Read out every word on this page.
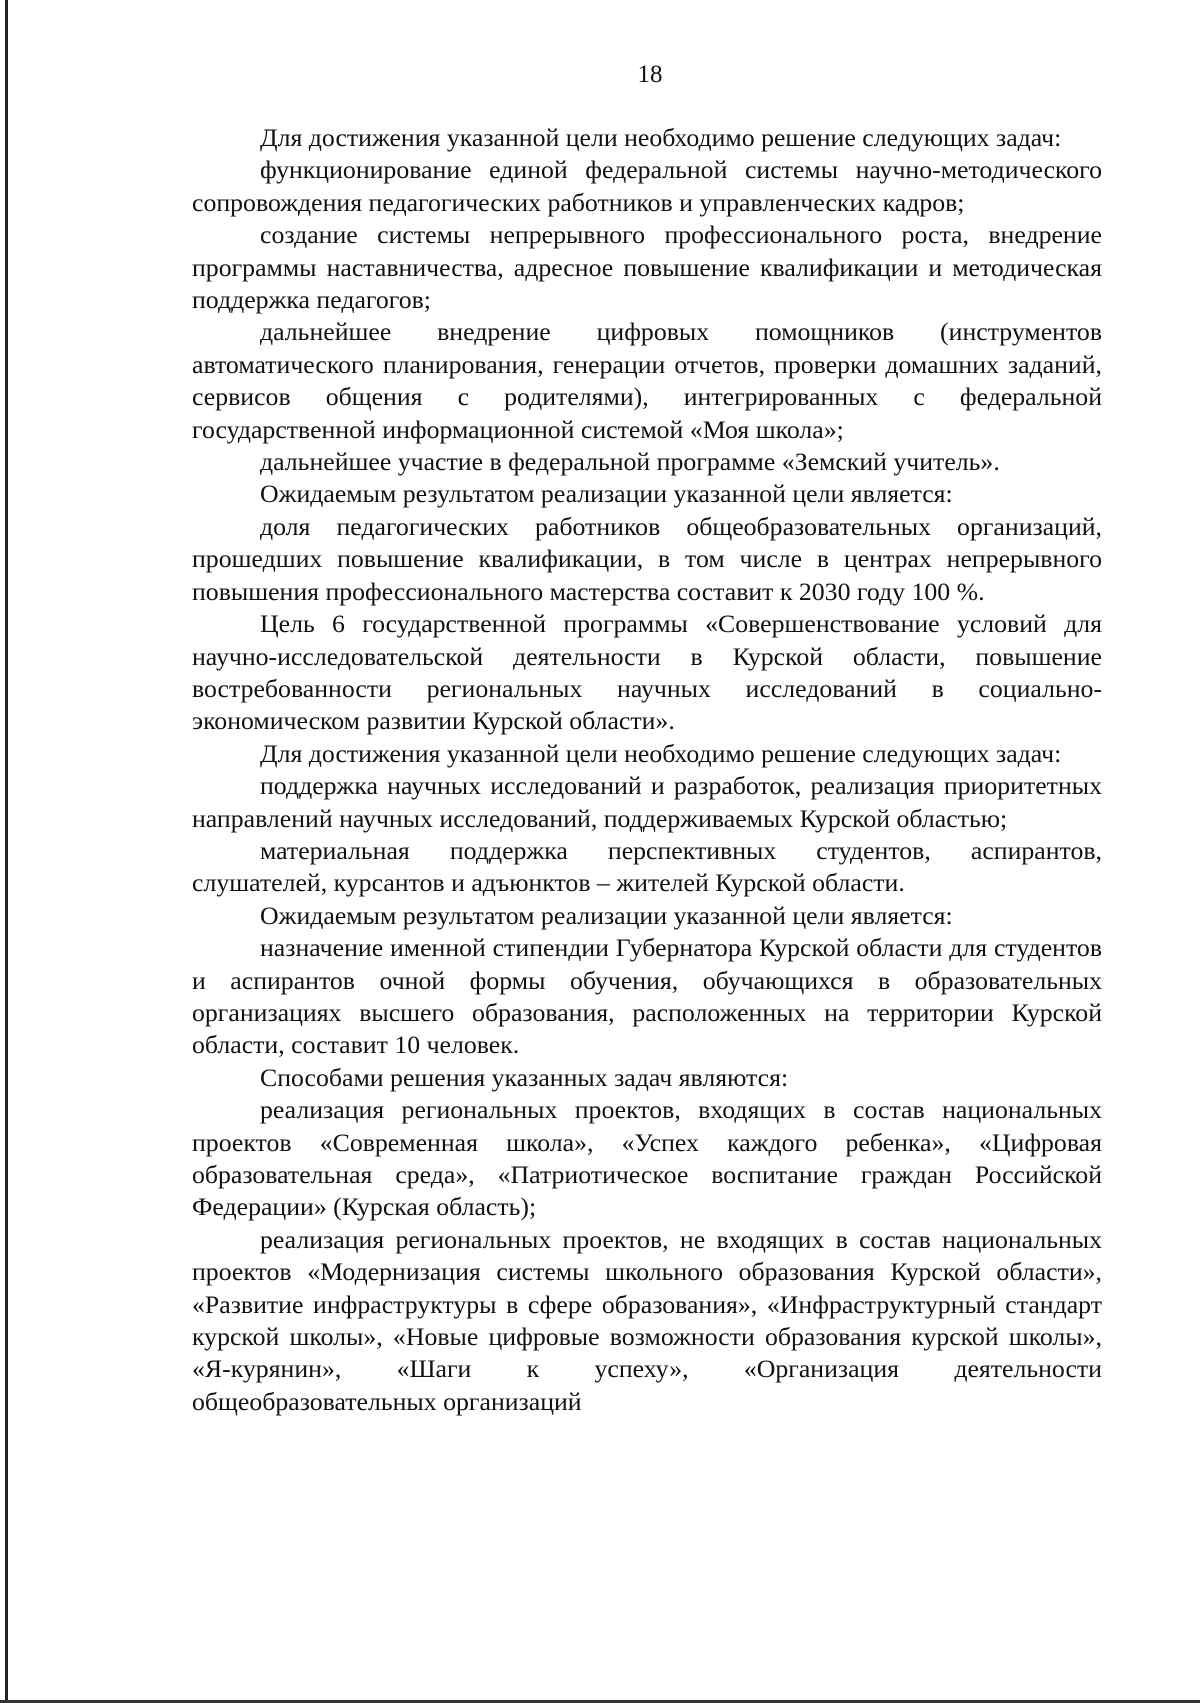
18

Для достижения указанной цели необходимо решение следующих задач:

функционирование единой федеральной системы научно-методического сопровождения педагогических работников и управленческих кадров;

создание системы непрерывного профессионального роста, внедрение программы наставничества, адресное повышение квалификации и методическая поддержка педагогов;

дальнейшее внедрение цифровых помощников (инструментов автоматического планирования, генерации отчетов, проверки домашних заданий, сервисов общения с родителями), интегрированных с федеральной государственной информационной системой «Моя школа»;

дальнейшее участие в федеральной программе «Земский учитель».

Ожидаемым результатом реализации указанной цели является:

доля педагогических работников общеобразовательных организаций, прошедших повышение квалификации, в том числе в центрах непрерывного повышения профессионального мастерства составит к 2030 году 100 %.

Цель 6 государственной программы «Совершенствование условий для научно-исследовательской деятельности в Курской области, повышение востребованности региональных научных исследований в социально-экономическом развитии Курской области».

Для достижения указанной цели необходимо решение следующих задач:

поддержка научных исследований и разработок, реализация приоритетных направлений научных исследований, поддерживаемых Курской областью;

материальная поддержка перспективных студентов, аспирантов, слушателей, курсантов и адъюнктов – жителей Курской области.

Ожидаемым результатом реализации указанной цели является:

назначение именной стипендии Губернатора Курской области для студентов и аспирантов очной формы обучения, обучающихся в образовательных организациях высшего образования, расположенных на территории Курской области, составит 10 человек.

Способами решения указанных задач являются:

реализация региональных проектов, входящих в состав национальных проектов «Современная школа», «Успех каждого ребенка», «Цифровая образовательная среда», «Патриотическое воспитание граждан Российской Федерации» (Курская область);

реализация региональных проектов, не входящих в состав национальных проектов «Модернизация системы школьного образования Курской области», «Развитие инфраструктуры в сфере образования», «Инфраструктурный стандарт курской школы», «Новые цифровые возможности образования курской школы», «Я-курянин», «Шаги к успеху», «Организация деятельности общеобразовательных организаций
